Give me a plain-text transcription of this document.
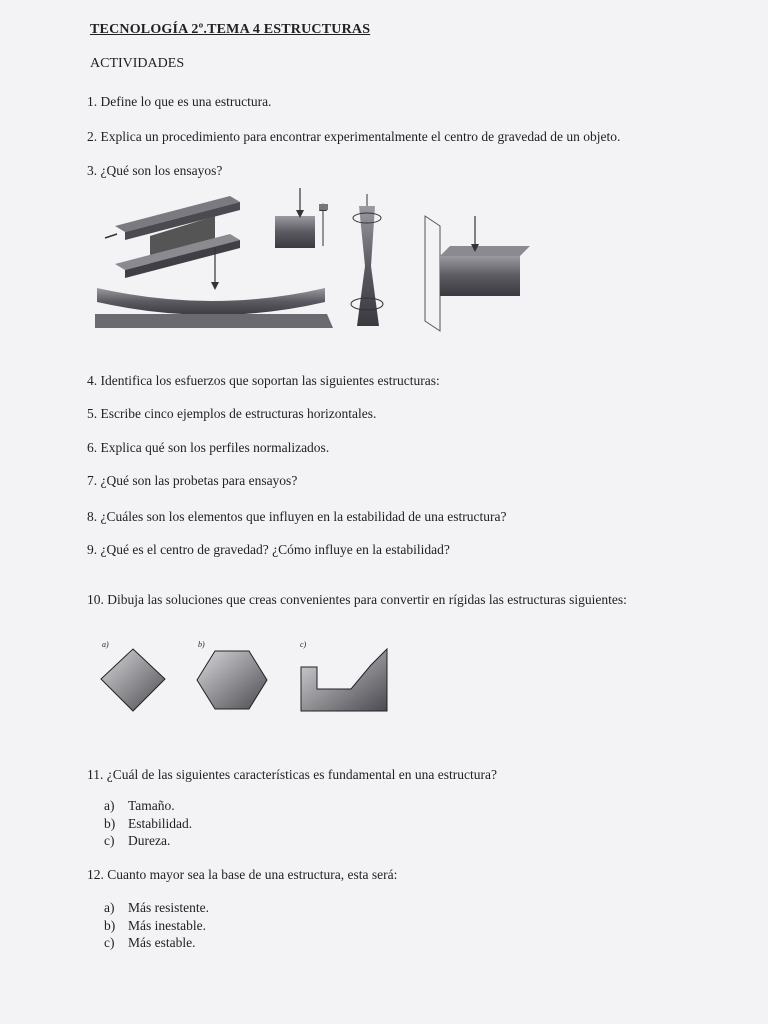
TECNOLOGÍA 2º.TEMA 4 ESTRUCTURAS
ACTIVIDADES
1. Define lo que es una estructura.
2. Explica un procedimiento para encontrar experimentalmente el centro de gravedad de un objeto.
3. ¿Qué son los ensayos?
4. Identifica los esfuerzos que soportan las siguientes estructuras:
5. Escribe cinco ejemplos de estructuras horizontales.
6. Explica qué son los perfiles normalizados.
7. ¿Qué son las probetas para ensayos?
8. ¿Cuáles son los elementos que influyen en la estabilidad de una estructura?
9. ¿Qué es el centro de gravedad? ¿Cómo influye en la estabilidad?
10. Dibuja las soluciones que creas convenientes para convertir en rígidas las estructuras siguientes:
a)	b)	c)
11. ¿Cuál de las siguientes características es fundamental en una estructura?
a)	Tamaño.
b) Estabilidad.
c)	Dureza.
12. Cuanto mayor sea la base de una estructura, esta será:
a)	Más resistente.
b) Más inestable.
c)	Más estable.
